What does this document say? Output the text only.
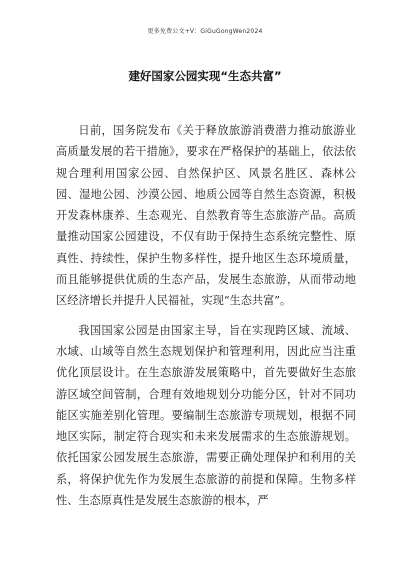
更多免费公文+V：GiGuGongWen2024
建好国家公园实现“生态共富”

日前，国务院发布《关于释放旅游消费潜力推动旅游业高质量发展的若干措施》，要求在严格保护的基础上，依法依规合理利用国家公园、自然保护区、风景名胜区、森林公园、湿地公园、沙漠公园、地质公园等自然生态资源，积极开发森林康养、生态观光、自然教育等生态旅游产品。高质量推动国家公园建设，不仅有助于保持生态系统完整性、原真性、持续性，保护生物多样性，提升地区生态环境质量，而且能够提供优质的生态产品，发展生态旅游，从而带动地区经济增长并提升人民福祉，实现“生态共富”。

我国国家公园是由国家主导，旨在实现跨区域、流域、水域、山域等自然生态规划保护和管理利用，因此应当注重优化顶层设计。在生态旅游发展策略中，首先要做好生态旅游区域空间管制，合理有效地规划分功能分区，针对不同功能区实施差别化管理。要编制生态旅游专项规划，根据不同地区实际，制定符合现实和未来发展需求的生态旅游规划。依托国家公园发展生态旅游，需要正确处理保护和利用的关系，将保护优先作为发展生态旅游的前提和保障。生物多样性、生态原真性是发展生态旅游的根本，严
